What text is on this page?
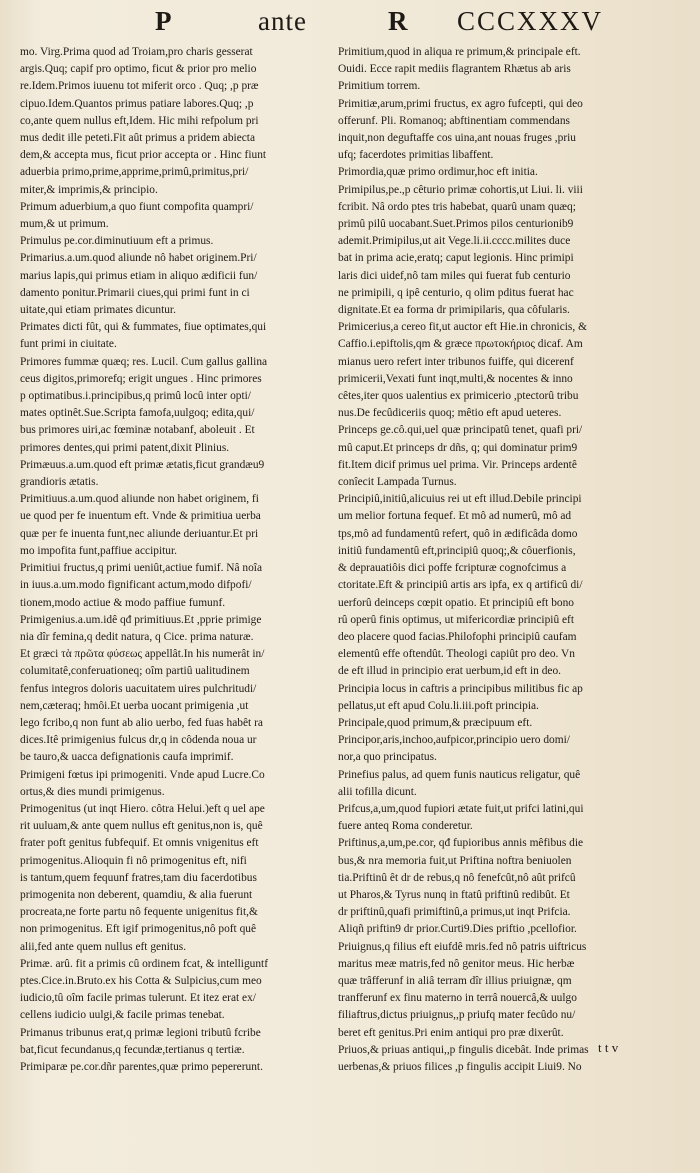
P	ante	R CCCXXXV
mo. Virg.Prima quod ad Troiam,pro charis gesserat
argis.Quq; capif pro optimo, ficut & prior pro melio
re.Idem.Primos iuuenu tot miferit orco . Quq; ,p præ
cipuo.Idem.Quantos primus patiare labores.Quq; ,p
co,ante quem nullus eft,Idem. Hic mihi refpolum pri
mus dedit ille peteti.Fit aût primus a pridem abiecta
dem,& accepta mus, ficut prior accepta or . Hinc fiunt
aduerbia primo,prime,apprime,primû,primitus,pri/
miter,& imprimis,& principio.
Primum aduerbium,a quo fiunt compofita quampri/
mum,& ut primum.
Primulus pe.cor.diminutiuum eft a primus.
Primarius.a.um.quod aliunde nô habet originem.Pri/
marius lapis,qui primus etiam in aliquo ædificii fun/
damento ponitur.Primarii ciues,qui primi funt in ci
uitate,qui etiam primates dicuntur.
Primates dicti fût, qui & fummates, fiue optimates,qui
funt primi in ciuitate.
Primores fummæ quæq; res. Lucil. Cum gallus gallina
ceus digitos,primorefq; erigit ungues . Hinc primores
p optimatibus.i.principibus,q primû locû inter opti/
mates optinêt.Sue.Scripta famofa,uulgoq; edita,qui/
bus primores uiri,ac fœminæ notabanf, aboleuit . Et
primores dentes,qui primi patent,dixit Plinius.
Primæuus.a.um.quod eft primæ ætatis,ficut grandæu9
grandioris ætatis.
Primitiuus.a.um.quod aliunde non habet originem, fi
ue quod per fe inuentum eft. Vnde & primitiua uerba
quæ per fe inuenta funt,nec aliunde deriuantur.Et pri
mo impofita funt,paffiue accipitur.
Primitiui fructus,q primi ueniût,actiue fumif. Nâ noîa
in iuus.a.um.modo fignificant actum,modo difpofi/
tionem,modo actiue & modo paffiue fumunf.
Primigenius.a.um.idê qđ primitiuus.Et ,pprie primige
nia dîr femina,q dedit natura, q Cice. prima naturæ.
Et græci τὰ πρῶτα φύσεως appellât.In his numerât in/
columitatê,conferuationeq; oîm partiû ualitudinem
fenfus integros doloris uacuitatem uires pulchritudi/
nem,cæteraq; hmôi.Et uerba uocant primigenia ,ut
lego fcribo,q non funt ab alio uerbo, fed fuas habêt ra
dices.Itê primigenius fulcus dr,q in côdenda noua ur
be tauro,& uacca defignationis caufa imprimif.
Primigeni fœtus ipi primogeniti. Vnde apud Lucre.Co
ortus,& dies mundi primigenus.
Primogenitus (ut inqt Hiero. côtra Helui.)eft q uel ape
rit uuluam,& ante quem nullus eft genitus,non is, quê
frater poft genitus fubfequif. Et omnis vnigenitus eft
primogenitus.Alioquin fi nô primogenitus eft, nifi
is tantum,quem fequunf fratres,tam diu facerdotibus
primogenita non deberent, quamdiu, & alia fuerunt
procreata,ne forte partu nô fequente unigenitus fit,&
non primogenitus. Eft igif primogenitus,nô poft quê
alii,fed ante quem nullus eft genitus.
Primæ. arû. fit a primis cû ordinem fcat, & intelliguntf
ptes.Cice.in.Bruto.ex his Cotta & Sulpicius,cum meo
iudicio,tû oîm facile primas tulerunt. Et itez erat ex/
cellens iudicio uulgi,& facile primas tenebat.
Primanus tribunus erat,q primæ legioni tributû fcribe
bat,ficut fecundanus,q fecundæ,tertianus q tertiæ.
Primiparæ pe.cor.dñr parentes,quæ primo pepererunt.
Primitium,quod in aliqua re primum,& principale eft.
Ouidi. Ecce rapit mediis flagrantem Rhætus ab aris
Primitium torrem.
Primitiæ,arum,primi fructus, ex agro fufcepti, qui deo
offerunf. Pli. Romanoq; abftinentiam commendans
inquit,non deguftaffe cos uina,ant nouas fruges ,priu
ufq; facerdotes primitias libaffent.
Primordia,quæ primo ordimur,hoc eft initia.
Primipilus,pe.,p cêturio primæ cohortis,ut Liui. li. viii
fcribit. Nâ ordo ptes tris habebat, quarû unam quæq;
primû pilû uocabant.Suet.Primos pilos centurionib9
ademit.Primipilus,ut ait Vege.li.ii.cccc.milites duce
bat in prima acie,eratq; caput legionis. Hinc primipi
laris dici uidef,nô tam miles qui fuerat fub centurio
ne primipili, q ipê centurio, q olim pditus fuerat hac
dignitate.Et ea forma dr primipilaris, qua côfularis.
Primicerius,a cereo fit,ut auctor eft Hie.in chronicis, &
Caffio.i.epiftolis,qm & græce πρωτοκήριος dicaf. Am
mianus uero refert inter tribunos fuiffe, qui dicerenf
primicerii,Vexati funt inqt,multi,& nocentes & inno
cêtes,iter quos ualentius ex primicerio ,ptectorû tribu
nus.De fecûdiceriis quoq; mêtio eft apud ueteres.
Princeps ge.cô.qui,uel quæ principatû tenet, quafi pri/
mû caput.Et princeps dr dñs, q; qui dominatur prim9
fit.Item dicif primus uel prima. Vir. Princeps ardentê
conîecit Lampada Turnus.
Principiû,initiû,alicuius rei ut eft illud.Debile principi
um melior fortuna fequef. Et mô ad numerû, mô ad
tps,mô ad fundamentû refert, quô in ædificâda domo
initiû fundamentû eft,principiû quoq;,& côuerfionis,
& deprauatiôis dici poffe fcripturæ cognofcimus a
ctoritate.Eft & principiû artis ars ipfa, ex q artificû di/
uerforû deinceps cœpit opatio. Et principiû eft bono
rû operû finis optimus, ut mifericordiæ principiû eft
deo placere quod facias.Philofophi principiû caufam
elementû effe oftendût. Theologi capiût pro deo. Vn
de eft illud in principio erat uerbum,id eft in deo.
Principia locus in caftris a principibus militibus fic ap
pellatus,ut eft apud Colu.li.iii.poft principia.
Principale,quod primum,& præcipuum eft.
Principor,aris,inchoo,aufpicor,principio uero domi/
nor,a quo principatus.
Prinefius palus, ad quem funis nauticus religatur, quê
alii tofilla dicunt.
Prifcus,a,um,quod fupiori ætate fuit,ut prifci latini,qui
fuere anteq Roma conderetur.
Priftinus,a,um,pe.cor, qđ fupioribus annis mêfibus die
bus,& nra memoria fuit,ut Priftina noftra beniuolen
tia.Priftinû êt dr de rebus,q nô fenefcût,nô aût prifcû
ut Pharos,& Tyrus nunq in ftatû priftinû redibût. Et
dr priftinû,quafi primiftinû,a primus,ut inqt Prifcia.
Aliqñ priftin9 dr prior.Curti9.Dies priftio ,pcellofior.
Priuignus,q filius eft eiufdê mris.fed nô patris uiftricus
maritus meæ matris,fed nô genitor meus. Hic herbæ
quæ trâfferunf in aliâ terram dîr illius priuignæ, qm
tranfferunf ex finu materno in terrâ nouercâ,& uulgo
filiaftrus,dictus priuignus,,p priufq mater fecûdo nu/
beret eft genitus.Pri enim antiqui pro præ dixerût.
Priuos,& priuas antiqui,,p fingulis dicebât. Inde primas
uerbenas,& priuos filices ,p fingulis accipit Liui9. No
t t v
